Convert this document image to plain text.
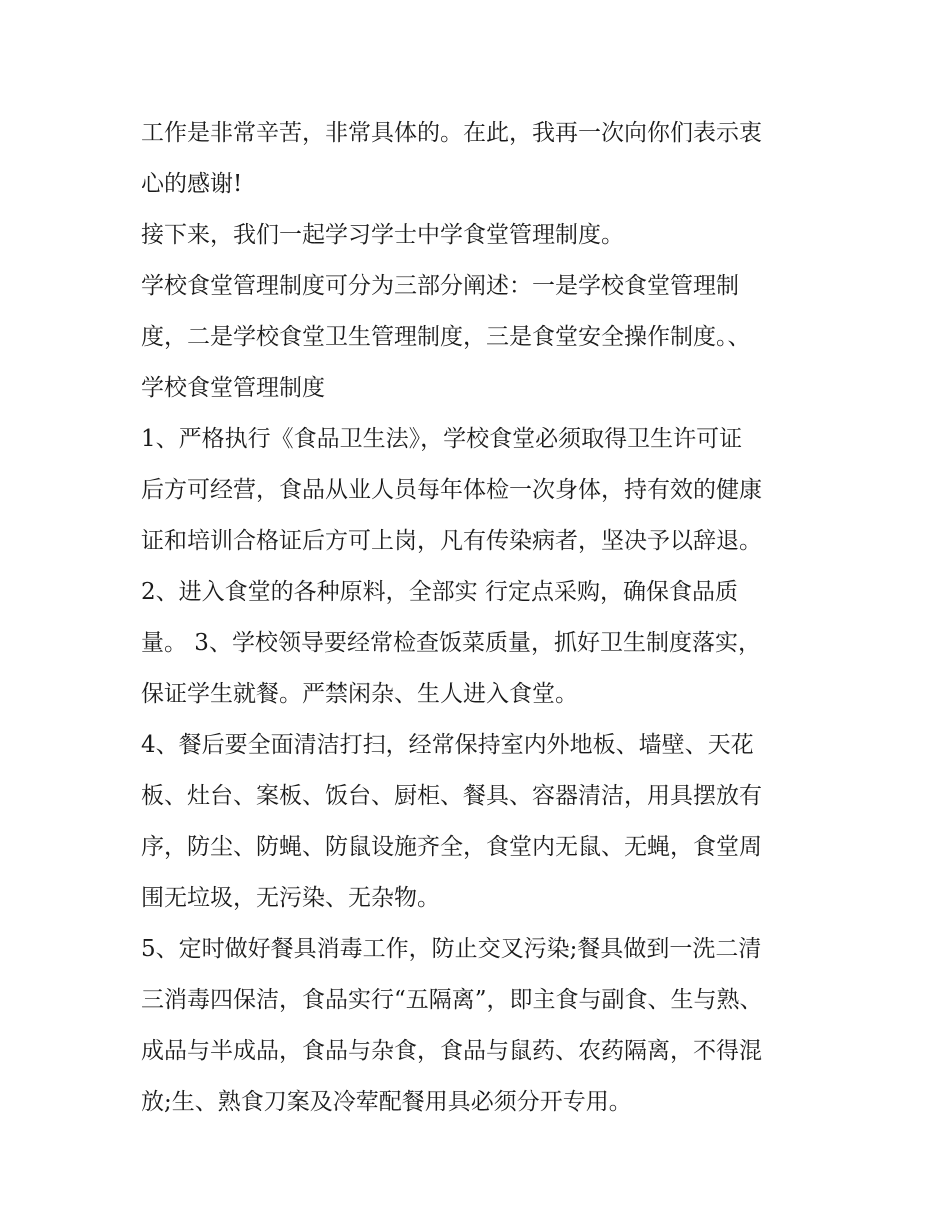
工作是非常辛苦，非常具体的。在此，我再一次向你们表示衷

心的感谢!

接下来，我们一起学习学士中学食堂管理制度。

学校食堂管理制度可分为三部分阐述：一是学校食堂管理制

度，二是学校食堂卫生管理制度，三是食堂安全操作制度。、

学校食堂管理制度

1、严格执行《食品卫生法》，学校食堂必须取得卫生许可证

后方可经营，食品从业人员每年体检一次身体，持有效的健康

证和培训合格证后方可上岗，凡有传染病者，坚决予以辞退。

2、进入食堂的各种原料，全部实 行定点采购，确保食品质

量。 3、学校领导要经常检查饭菜质量，抓好卫生制度落实，

保证学生就餐。严禁闲杂、生人进入食堂。

4、餐后要全面清洁打扫，经常保持室内外地板、墙壁、天花

板、灶台、案板、饭台、厨柜、餐具、容器清洁，用具摆放有

序，防尘、防蝇、防鼠设施齐全，食堂内无鼠、无蝇，食堂周

围无垃圾，无污染、无杂物。

5、定时做好餐具消毒工作，防止交叉污染;餐具做到一洗二清

三消毒四保洁，食品实行“五隔离”，即主食与副食、生与熟、

成品与半成品，食品与杂食，食品与鼠药、农药隔离，不得混

放;生、熟食刀案及冷荤配餐用具必须分开专用。
